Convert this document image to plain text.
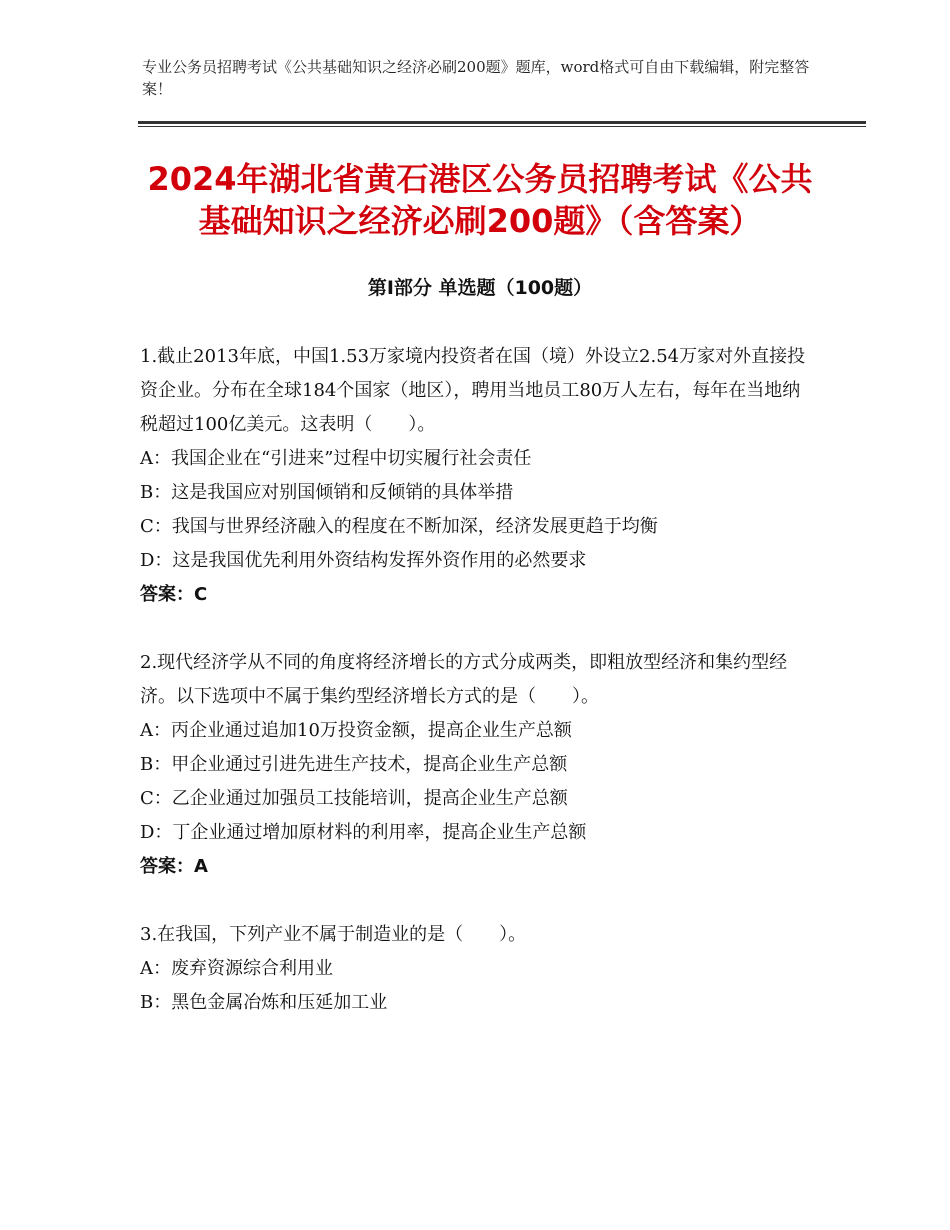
专业公务员招聘考试《公共基础知识之经济必刷200题》题库，word格式可自由下载编辑，附完整答案！
2024年湖北省黄石港区公务员招聘考试《公共基础知识之经济必刷200题》（含答案）
第Ⅰ部分 单选题（100题）

1.截止2013年底，中国1.53万家境内投资者在国（境）外设立2.54万家对外直接投资企业。分布在全球184个国家（地区），聘用当地员工80万人左右，每年在当地纳税超过100亿美元。这表明（　　）。

A：我国企业在“引进来”过程中切实履行社会责任

B：这是我国应对别国倾销和反倾销的具体举措

C：我国与世界经济融入的程度在不断加深，经济发展更趋于均衡

D：这是我国优先利用外资结构发挥外资作用的必然要求

答案：C

2.现代经济学从不同的角度将经济增长的方式分成两类，即粗放型经济和集约型经济。以下选项中不属于集约型经济增长方式的是（　　）。

A：丙企业通过追加10万投资金额，提高企业生产总额

B：甲企业通过引进先进生产技术，提高企业生产总额

C：乙企业通过加强员工技能培训，提高企业生产总额

D：丁企业通过增加原材料的利用率，提高企业生产总额

答案：A

3.在我国，下列产业不属于制造业的是（　　）。

A：废弃资源综合利用业

B：黑色金属冶炼和压延加工业
